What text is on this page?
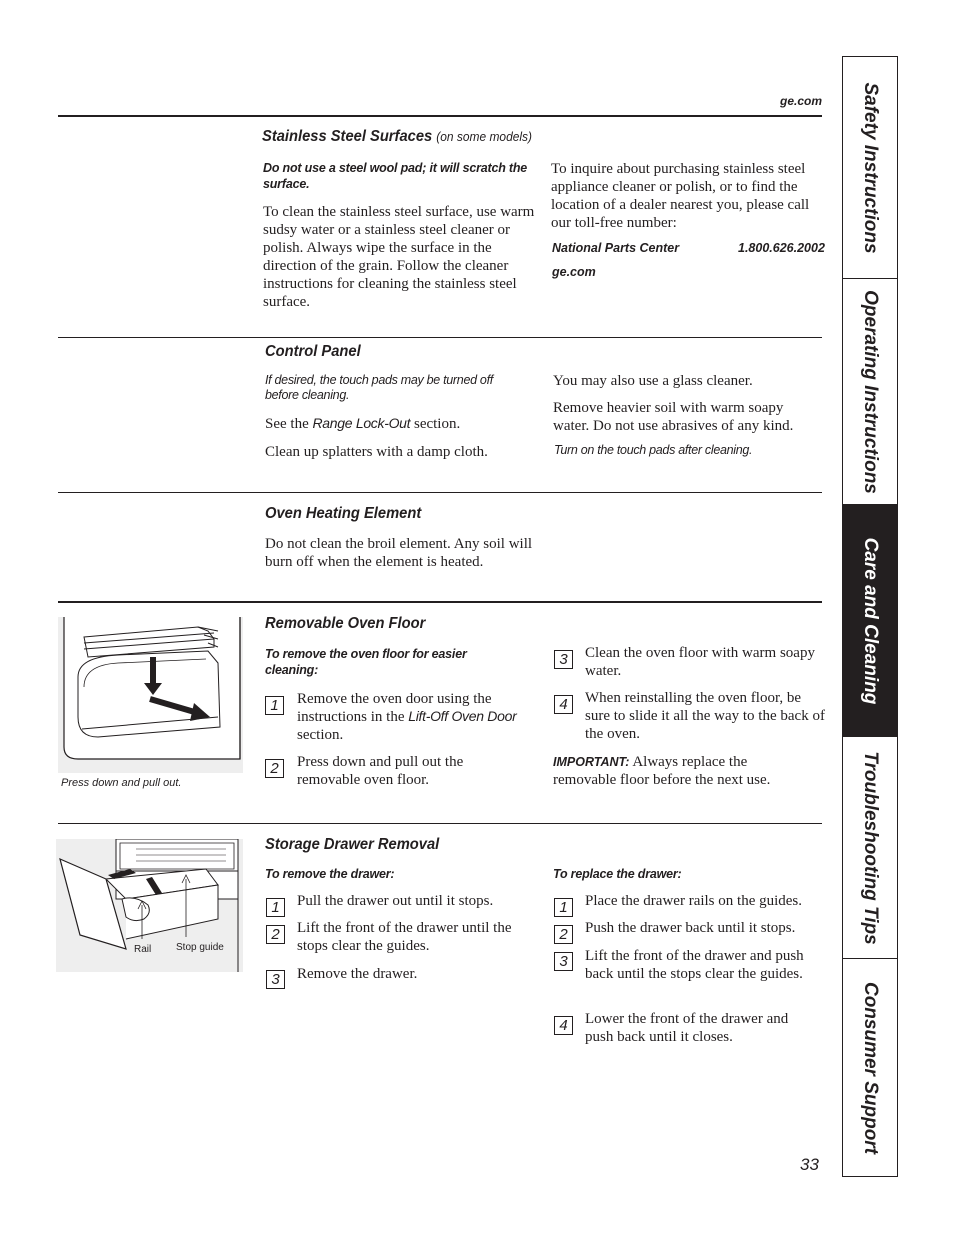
ge.com
Stainless Steel Surfaces (on some models)
Do not use a steel wool pad; it will scratch the surface.
To clean the stainless steel surface, use warm sudsy water or a stainless steel cleaner or polish. Always wipe the surface in the direction of the grain. Follow the cleaner instructions for cleaning the stainless steel surface.
To inquire about purchasing stainless steel appliance cleaner or polish, or to find the location of a dealer nearest you, please call our toll-free number:
National Parts Center	1.800.626.2002
ge.com
Control Panel
If desired, the touch pads may be turned off before cleaning.
See the Range Lock-Out section.
Clean up splatters with a damp cloth.
You may also use a glass cleaner.
Remove heavier soil with warm soapy water. Do not use abrasives of any kind.
Turn on the touch pads after cleaning.
Oven Heating Element
Do not clean the broil element. Any soil will burn off when the element is heated.
Press down and pull out.
Removable Oven Floor
To remove the oven floor for easier cleaning:
1	Remove the oven door using the instructions in the Lift-Off Oven Door section.
2	Press down and pull out the removable oven floor.
3	Clean the oven floor with warm soapy water.
4	When reinstalling the oven floor, be sure to slide it all the way to the back of the oven.
IMPORTANT: Always replace the removable floor before the next use.
Rail Stop guide
Storage Drawer Removal
To remove the drawer:
1	Pull the drawer out until it stops.
2	Lift the front of the drawer until the stops clear the guides.
3	Remove the drawer.
To replace the drawer:
1	Place the drawer rails on the guides.
2	Push the drawer back until it stops.
3	Lift the front of the drawer and push back until the stops clear the guides.
4	Lower the front of the drawer and push back until it closes.
33
Safety Instructions
Operating Instructions
Care and Cleaning
Troubleshooting Tips
Consumer Support
